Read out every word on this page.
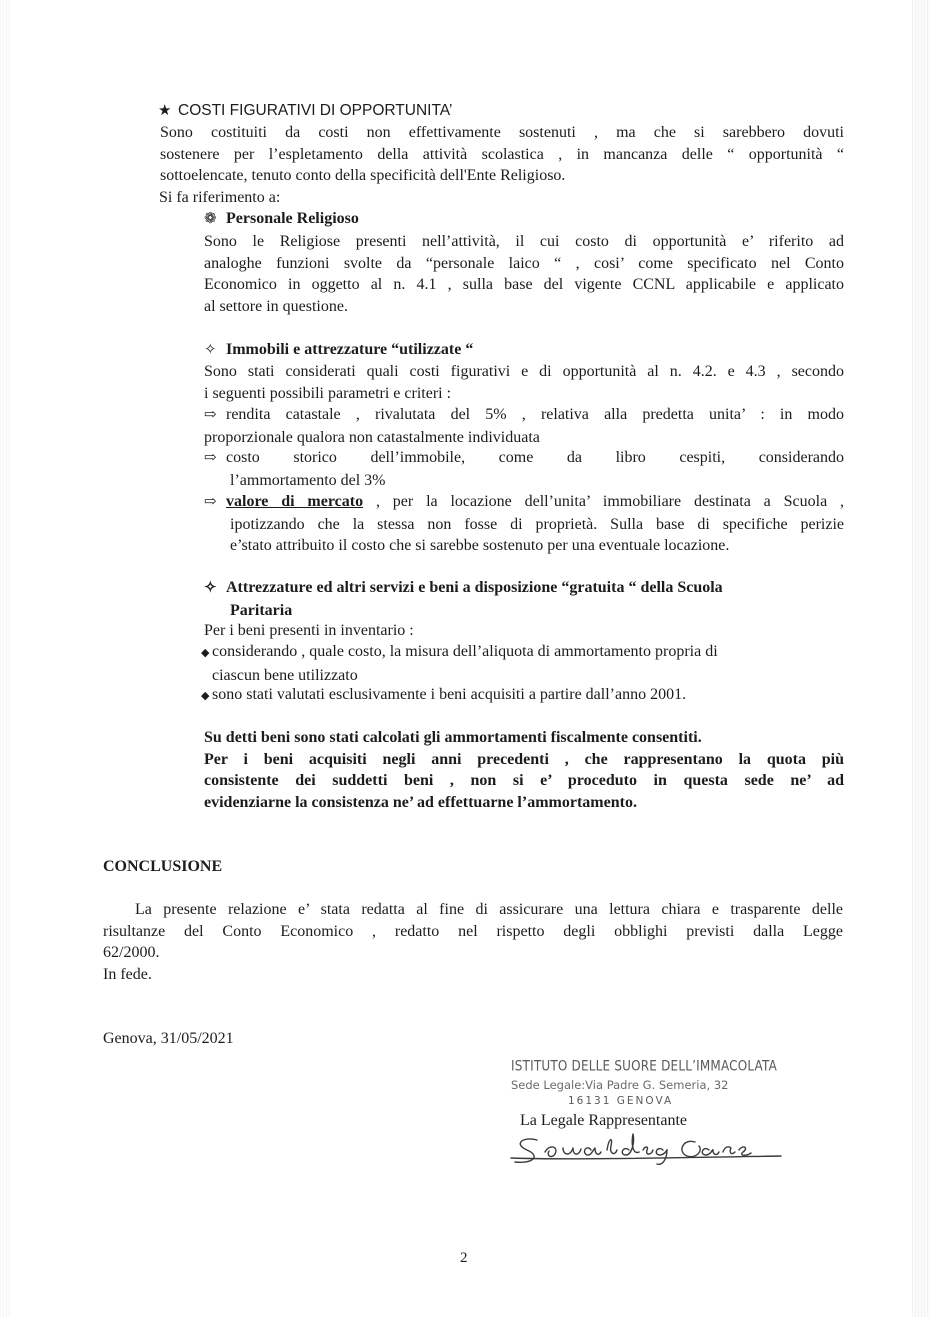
★ COSTI FIGURATIVI DI OPPORTUNITA’
Sono costituiti da costi non effettivamente sostenuti , ma che si sarebbero dovuti
sostenere per l’espletamento della attività scolastica , in mancanza delle “ opportunità “
sottoelencate, tenuto conto della specificità dell'Ente Religioso.
Si fa riferimento a:
❁ Personale Religioso
Sono le Religiose presenti nell’attività, il cui costo di opportunità e’ riferito ad
analoghe funzioni svolte da “personale laico “ , cosi’ come specificato nel Conto
Economico in oggetto al n. 4.1 , sulla base del vigente CCNL applicabile e applicato
al settore in questione.
✧ Immobili e attrezzature “utilizzate “
Sono stati considerati quali costi figurativi e di opportunità al n. 4.2. e 4.3 , secondo
i seguenti possibili parametri e criteri :
⇨ rendita catastale , rivalutata del 5% , relativa alla predetta unita’ : in modo
proporzionale qualora non catastalmente individuata
⇨ costo storico dell’immobile, come da libro cespiti, considerando
l’ammortamento del 3%
⇨ valore di mercato , per la locazione dell’unita’ immobiliare destinata a Scuola ,
ipotizzando che la stessa non fosse di proprietà. Sulla base di specifiche perizie
e’stato attribuito il costo che si sarebbe sostenuto per una eventuale locazione.
✧ Attrezzature ed altri servizi e beni a disposizione “gratuita “ della Scuola
Paritaria
Per i beni presenti in inventario :
◆ considerando , quale costo, la misura dell’aliquota di ammortamento propria di
ciascun bene utilizzato
◆ sono stati valutati esclusivamente i beni acquisiti a partire dall’anno 2001.
Su detti beni sono stati calcolati gli ammortamenti fiscalmente consentiti.
Per i beni acquisiti negli anni precedenti , che rappresentano la quota più
consistente dei suddetti beni , non si e’ proceduto in questa sede ne’ ad
evidenziarne la consistenza ne’ ad effettuarne l’ammortamento.
CONCLUSIONE
La presente relazione e’ stata redatta al fine di assicurare una lettura chiara e trasparente delle
risultanze del Conto Economico , redatto nel rispetto degli obblighi previsti dalla Legge
62/2000.
In fede.
Genova, 31/05/2021
ISTITUTO DELLE SUORE DELL’IMMACOLATA
Sede Legale:Via Padre G. Semeria, 32
16131 GENOVA
La Legale Rappresentante
2
